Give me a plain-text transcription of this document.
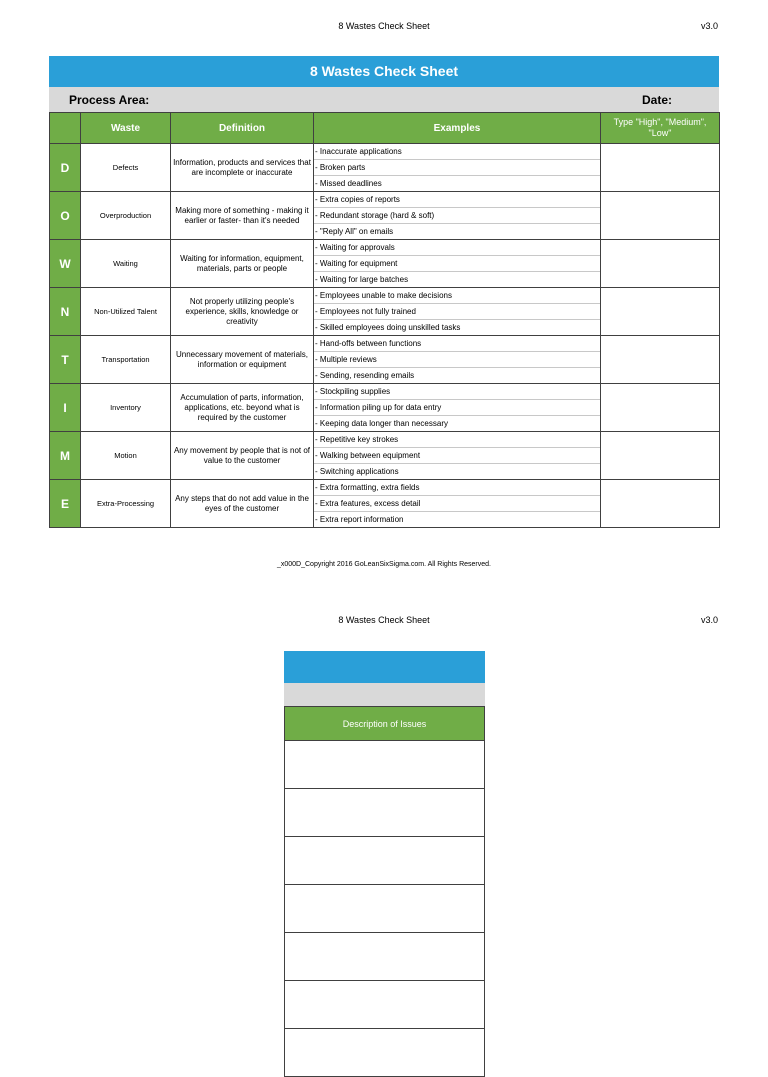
8 Wastes Check Sheet	v3.0
8 Wastes Check Sheet
Process Area:	Date:
	Waste	Definition	Examples	Type "High", "Medium", "Low"
D	Defects	Information, products and services that are incomplete or inaccurate	- Inaccurate applications
- Broken parts
- Missed deadlines	

O	Overproduction	Making more of something - making it earlier or faster- than it's needed	- Extra copies of reports
- Redundant storage (hard & soft)
- "Reply All" on emails	

W	Waiting	Waiting for information, equipment, materials, parts or people	- Waiting for approvals
- Waiting for equipment
- Waiting for large batches	

N	Non-Utilized Talent	Not properly utilizing people's experience, skills, knowledge or creativity	- Employees unable to make decisions
- Employees not fully trained
- Skilled employees doing unskilled tasks	

T	Transportation	Unnecessary movement of materials, information or equipment	- Hand-offs between functions
- Multiple reviews
- Sending, resending emails	

I	Inventory	Accumulation of parts, information, applications, etc. beyond what is required by the customer	- Stockpiling supplies
- Information piling up for data entry
- Keeping data longer than necessary	

M	Motion	Any movement by people that is not of value to the customer	- Repetitive key strokes
- Walking between equipment
- Switching applications	

E	Extra-Processing	Any steps that do not add value in the eyes of the customer	- Extra formatting, extra fields
- Extra features, excess detail
- Extra report information	

_x000D_Copyright 2016 GoLeanSixSigma.com. All Rights Reserved.
8 Wastes Check Sheet	v3.0
Description of Issues
